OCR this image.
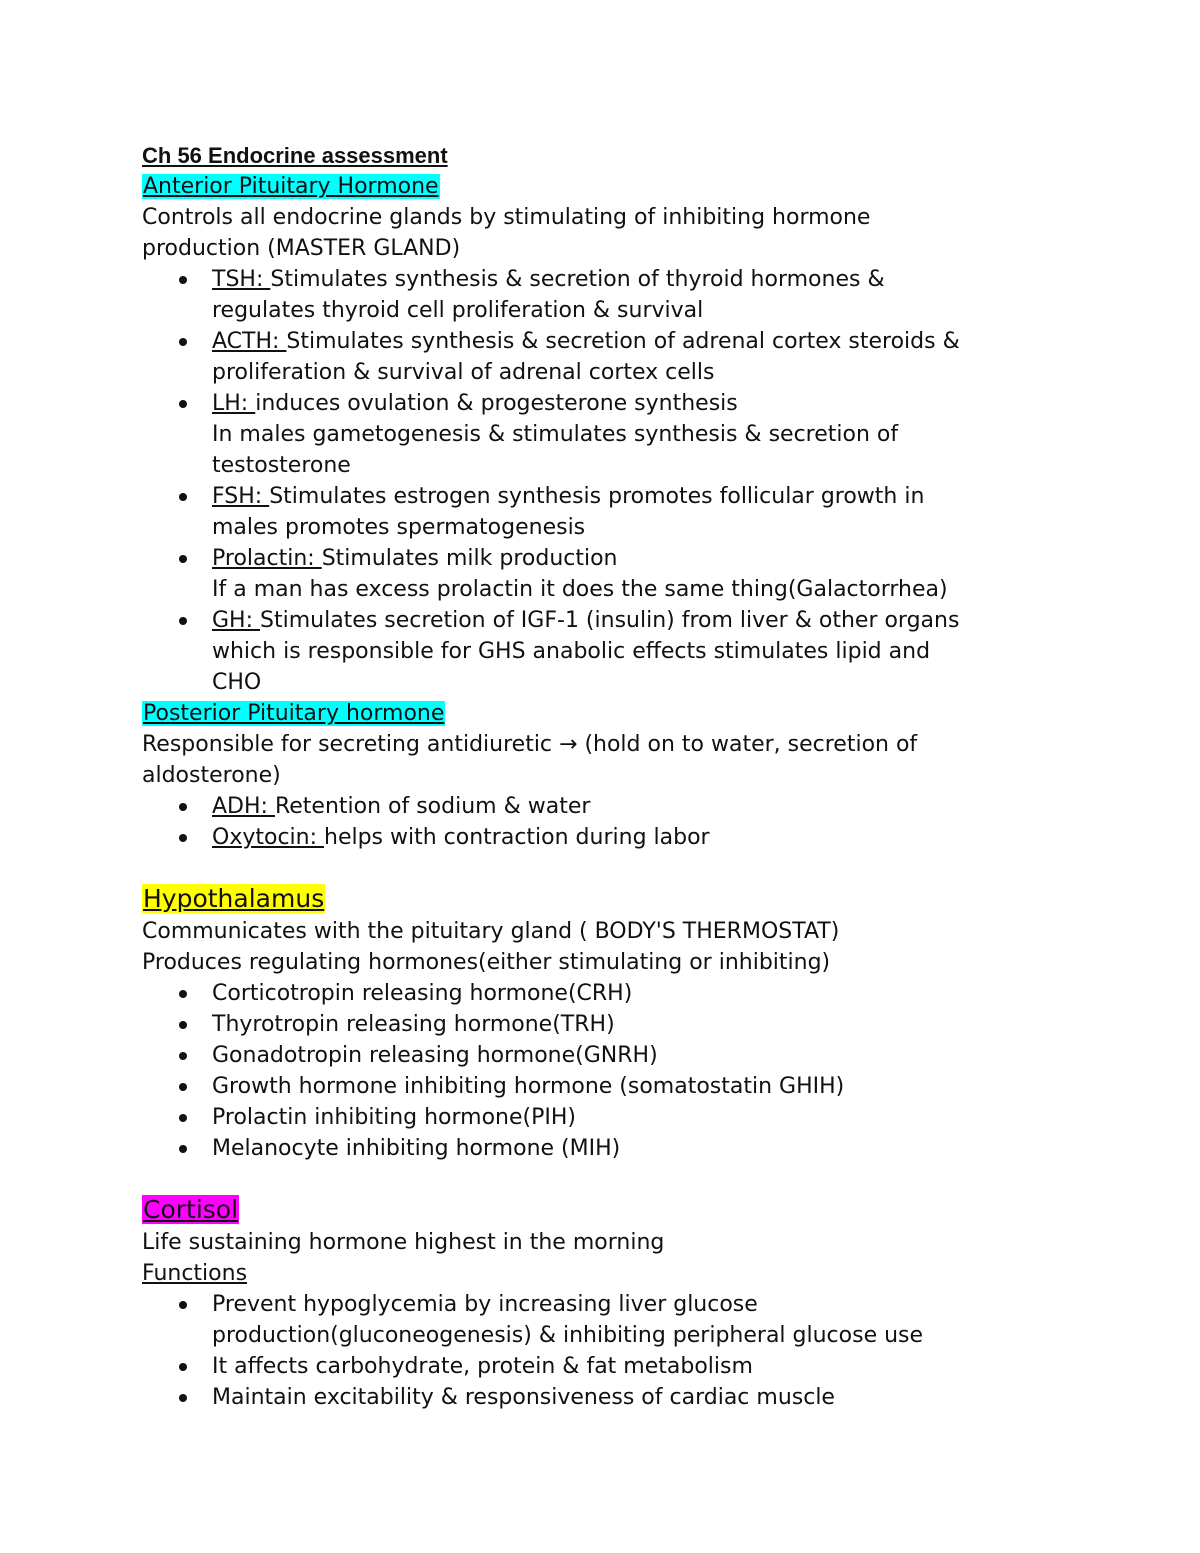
Ch 56 Endocrine assessment
Anterior Pituitary Hormone
Controls all endocrine glands by stimulating of inhibiting hormone
production (MASTER GLAND)
TSH: Stimulates synthesis & secretion of thyroid hormones &
regulates thyroid cell proliferation & survival
ACTH: Stimulates synthesis & secretion of adrenal cortex steroids &
proliferation & survival of adrenal cortex cells
LH: induces ovulation & progesterone synthesis
In males gametogenesis & stimulates synthesis & secretion of
testosterone
FSH: Stimulates estrogen synthesis promotes follicular growth in
males promotes spermatogenesis
Prolactin: Stimulates milk production
If a man has excess prolactin it does the same thing(Galactorrhea)
GH: Stimulates secretion of IGF-1 (insulin) from liver & other organs
which is responsible for GHS anabolic effects stimulates lipid and
CHO
Posterior Pituitary hormone
Responsible for secreting antidiuretic → (hold on to water, secretion of
aldosterone)
ADH: Retention of sodium & water
Oxytocin: helps with contraction during labor
Hypothalamus
Communicates with the pituitary gland ( BODY'S THERMOSTAT)
Produces regulating hormones(either stimulating or inhibiting)
Corticotropin releasing hormone(CRH)
Thyrotropin releasing hormone(TRH)
Gonadotropin releasing hormone(GNRH)
Growth hormone inhibiting hormone (somatostatin GHIH)
Prolactin inhibiting hormone(PIH)
Melanocyte inhibiting hormone (MIH)
Cortisol
Life sustaining hormone highest in the morning
Functions
Prevent hypoglycemia by increasing liver glucose
production(gluconeogenesis) & inhibiting peripheral glucose use
It affects carbohydrate, protein & fat metabolism
Maintain excitability & responsiveness of cardiac muscle
